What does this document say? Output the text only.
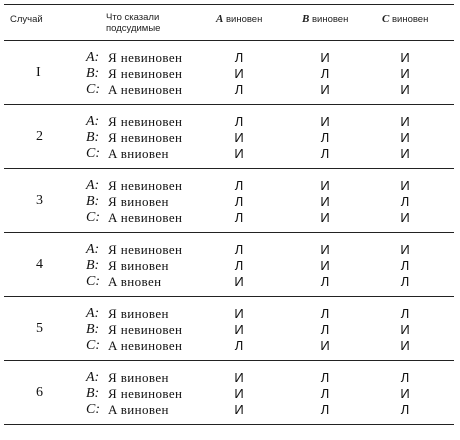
Случай	Что сказали
подсудимые
A виновен	B виновен	C виновен
I
A: Я невиновен	Л	И	И
B: Я невиновен	И	Л	И
C: A невиновен	Л	И	И
2
A: Я невиновен	Л	И	И
B: Я невиновен	И	Л	И
C: A вниовен	И	Л	И
3
A: Я невиновен	Л	И	И
B: Я виновен	Л	И	Л
C: A невиновен	Л	И	И
4
A: Я невиновен	Л	И	И
B: Я виновен	Л	И	Л
C: A вновен	И	Л	Л
5
A: Я виновен	И	Л	Л
B: Я невиновен	И	Л	И
C: A невиновен	Л	И	И
6
A: Я виновен	И	Л	Л
B: Я невиновен	И	Л	И
C: A виновен	И	Л	Л
